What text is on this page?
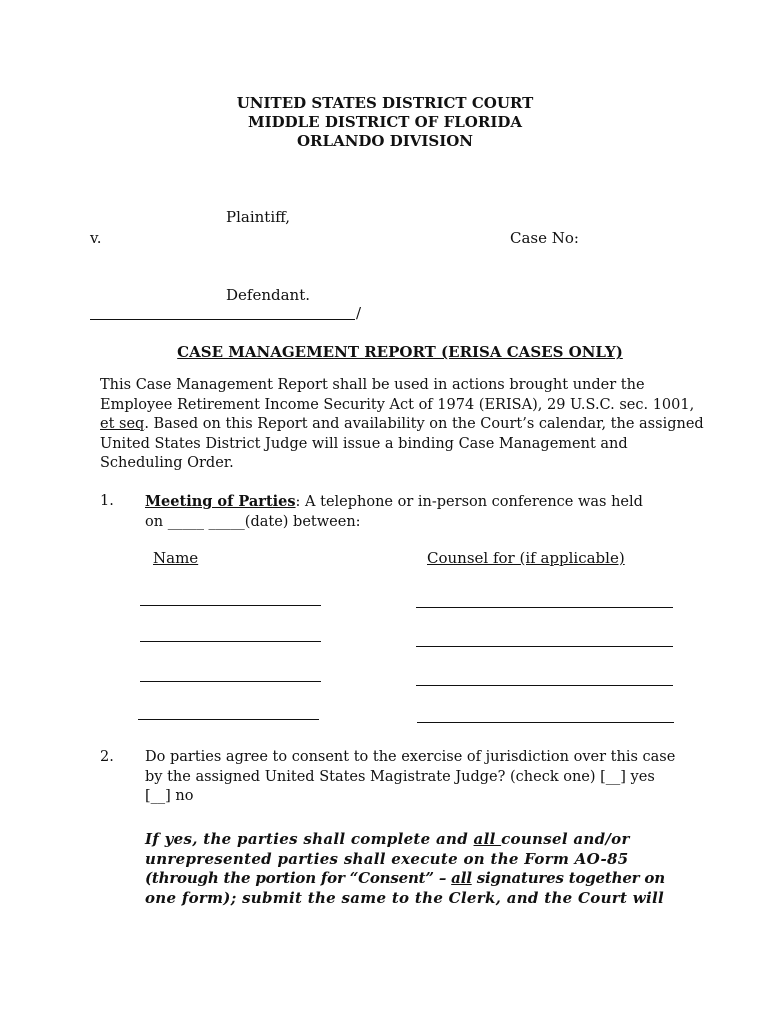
UNITED STATES DISTRICT COURT
MIDDLE DISTRICT OF FLORIDA
ORLANDO DIVISION
Plaintiff,
v.	Case No:
Defendant.
/
CASE MANAGEMENT REPORT (ERISA CASES ONLY)
This Case Management Report shall be used in actions brought under the
Employee Retirement Income Security Act of 1974 (ERISA), 29 U.S.C. sec. 1001,
et seq. Based on this Report and availability on the Court’s calendar, the assigned
United States District Judge will issue a binding Case Management and
Scheduling Order.
1. Meeting of Parties: A telephone or in-person conference was held
on _____ _____(date) between:
Name	Counsel for (if applicable)
2. Do parties agree to consent to the exercise of jurisdiction over this case
by the assigned United States Magistrate Judge? (check one) [__] yes
[__] no
If yes, the parties shall complete and all counsel and/or
unrepresented parties shall execute on the Form AO-85
(through the portion for “Consent” – all signatures together on
one form); submit the same to the Clerk, and the Court will
